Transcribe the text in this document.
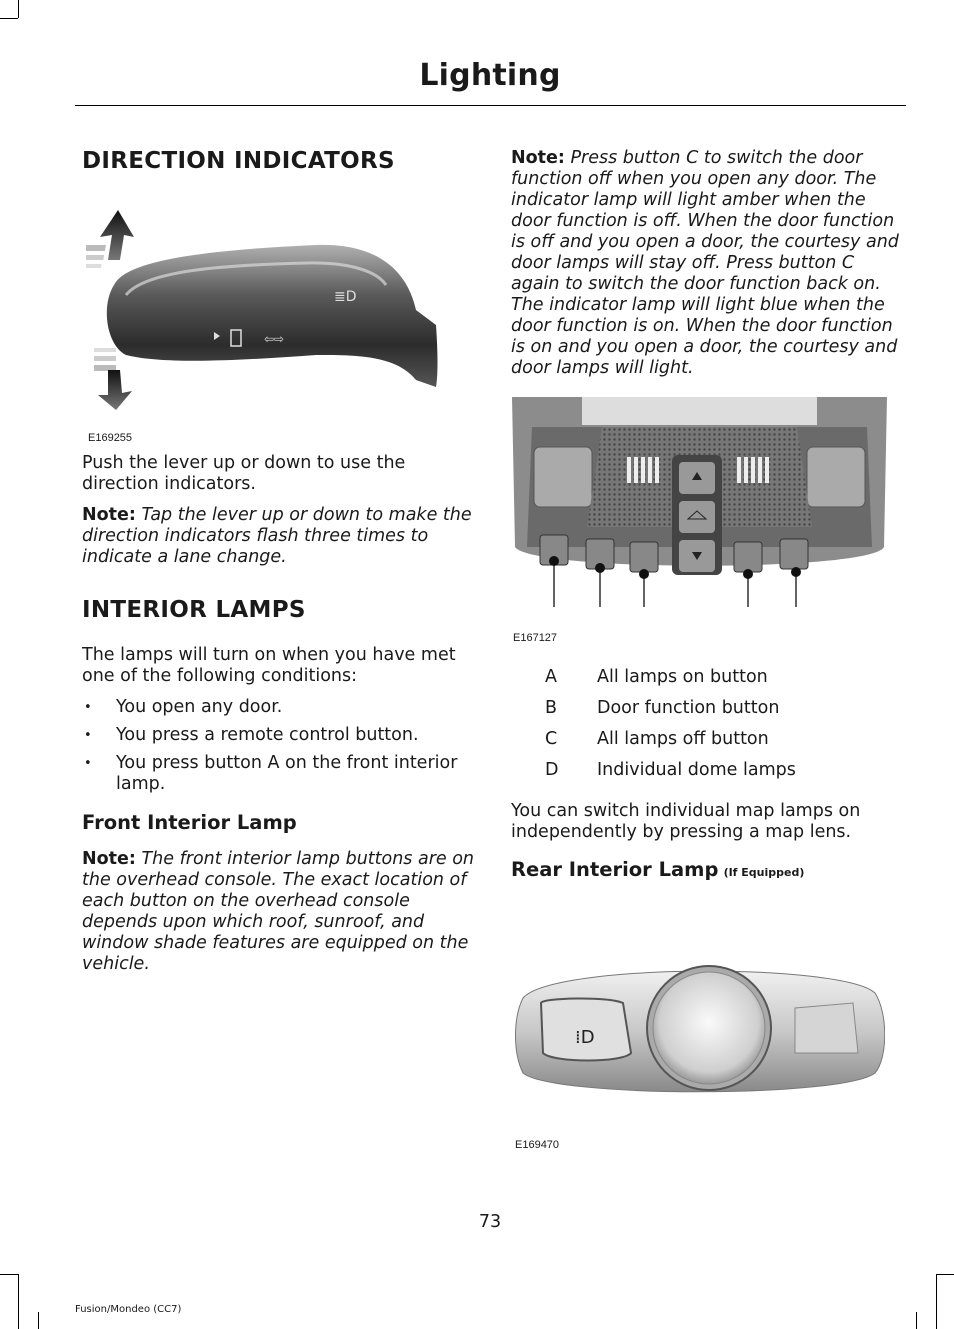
Lighting
DIRECTION INDICATORS
⇦⇨
≣D
E169255
Push the lever up or down to use the direction indicators.
Note: Tap the lever up or down to make the direction indicators flash three times to indicate a lane change.
INTERIOR LAMPS
The lamps will turn on when you have met one of the following conditions:
• You open any door.
• You press a remote control button.
• You press button A on the front interior lamp.
Front Interior Lamp
Note: The front interior lamp buttons are on the overhead console. The exact location of each button on the overhead console depends upon which roof, sunroof, and window shade features are equipped on the vehicle.
Note: Press button C to switch the door function off when you open any door. The indicator lamp will light amber when the door function is off. When the door function is off and you open a door, the courtesy and door lamps will stay off. Press button C again to switch the door function back on. The indicator lamp will light blue when the door function is on. When the door function is on and you open a door, the courtesy and door lamps will light.
E167127
A	All lamps on button
B	Door function button
C	All lamps off button
D	Individual dome lamps
You can switch individual map lamps on independently by pressing a map lens.
Rear Interior Lamp (If Equipped)
⁞D
E169470
73
Fusion/Mondeo (CC7)
